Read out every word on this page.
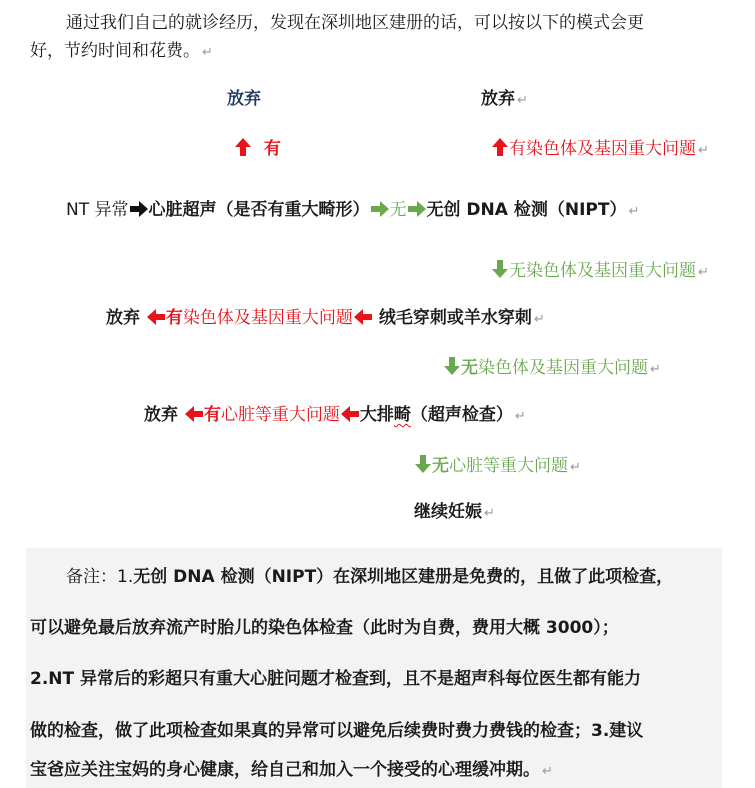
通过我们自己的就诊经历，发现在深圳地区建册的话，可以按以下的模式会更
好，节约时间和花费。 ↵
放弃	放弃 ↵
有	有染色体及基因重大问题 ↵
NT 异常 心脏超声（是否有重大畸形） 无 无创 DNA 检测（NIPT） ↵
无染色体及基因重大问题 ↵
放弃 有染色体及基因重大问题 绒毛穿刺或羊水穿刺 ↵
无染色体及基因重大问题 ↵
放弃 有心脏等重大问题 大排畸（超声检查） ↵
无心脏等重大问题 ↵
继续妊娠 ↵
备注：1.无创 DNA 检测（NIPT）在深圳地区建册是免费的，且做了此项检查，
可以避免最后放弃流产时胎儿的染色体检查（此时为自费，费用大概 3000）；
2.NT 异常后的彩超只有重大心脏问题才检查到，且不是超声科每位医生都有能力
做的检查，做了此项检查如果真的异常可以避免后续费时费力费钱的检查；3.建议
宝爸应关注宝妈的身心健康，给自己和加入一个接受的心理缓冲期。 ↵
